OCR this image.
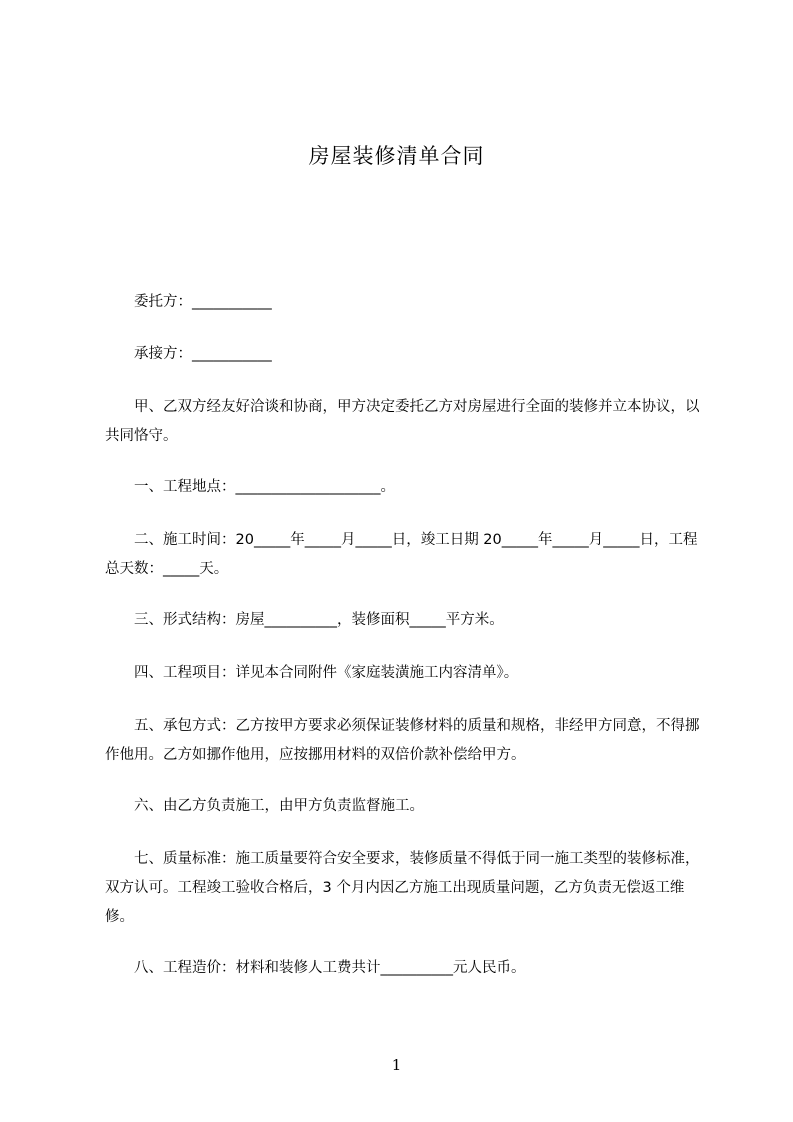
房屋装修清单合同
　　委托方：___________
　　承接方：___________
　　甲、乙双方经友好洽谈和协商，甲方决定委托乙方对房屋进行全面的装修并立本协议，以共同恪守。
　　一、工程地点：____________________。
　　二、施工时间：20_____年_____月_____日，竣工日期 20_____年_____月_____日，工程总天数：_____天。
　　三、形式结构：房屋__________，装修面积_____平方米。
　　四、工程项目：详见本合同附件《家庭装潢施工内容清单》。
　　五、承包方式：乙方按甲方要求必须保证装修材料的质量和规格，非经甲方同意，不得挪作他用。乙方如挪作他用，应按挪用材料的双倍价款补偿给甲方。
　　六、由乙方负责施工，由甲方负责监督施工。
　　七、质量标准：施工质量要符合安全要求，装修质量不得低于同一施工类型的装修标准，双方认可。工程竣工验收合格后，3 个月内因乙方施工出现质量问题，乙方负责无偿返工维修。
　　八、工程造价：材料和装修人工费共计__________元人民币。
1
